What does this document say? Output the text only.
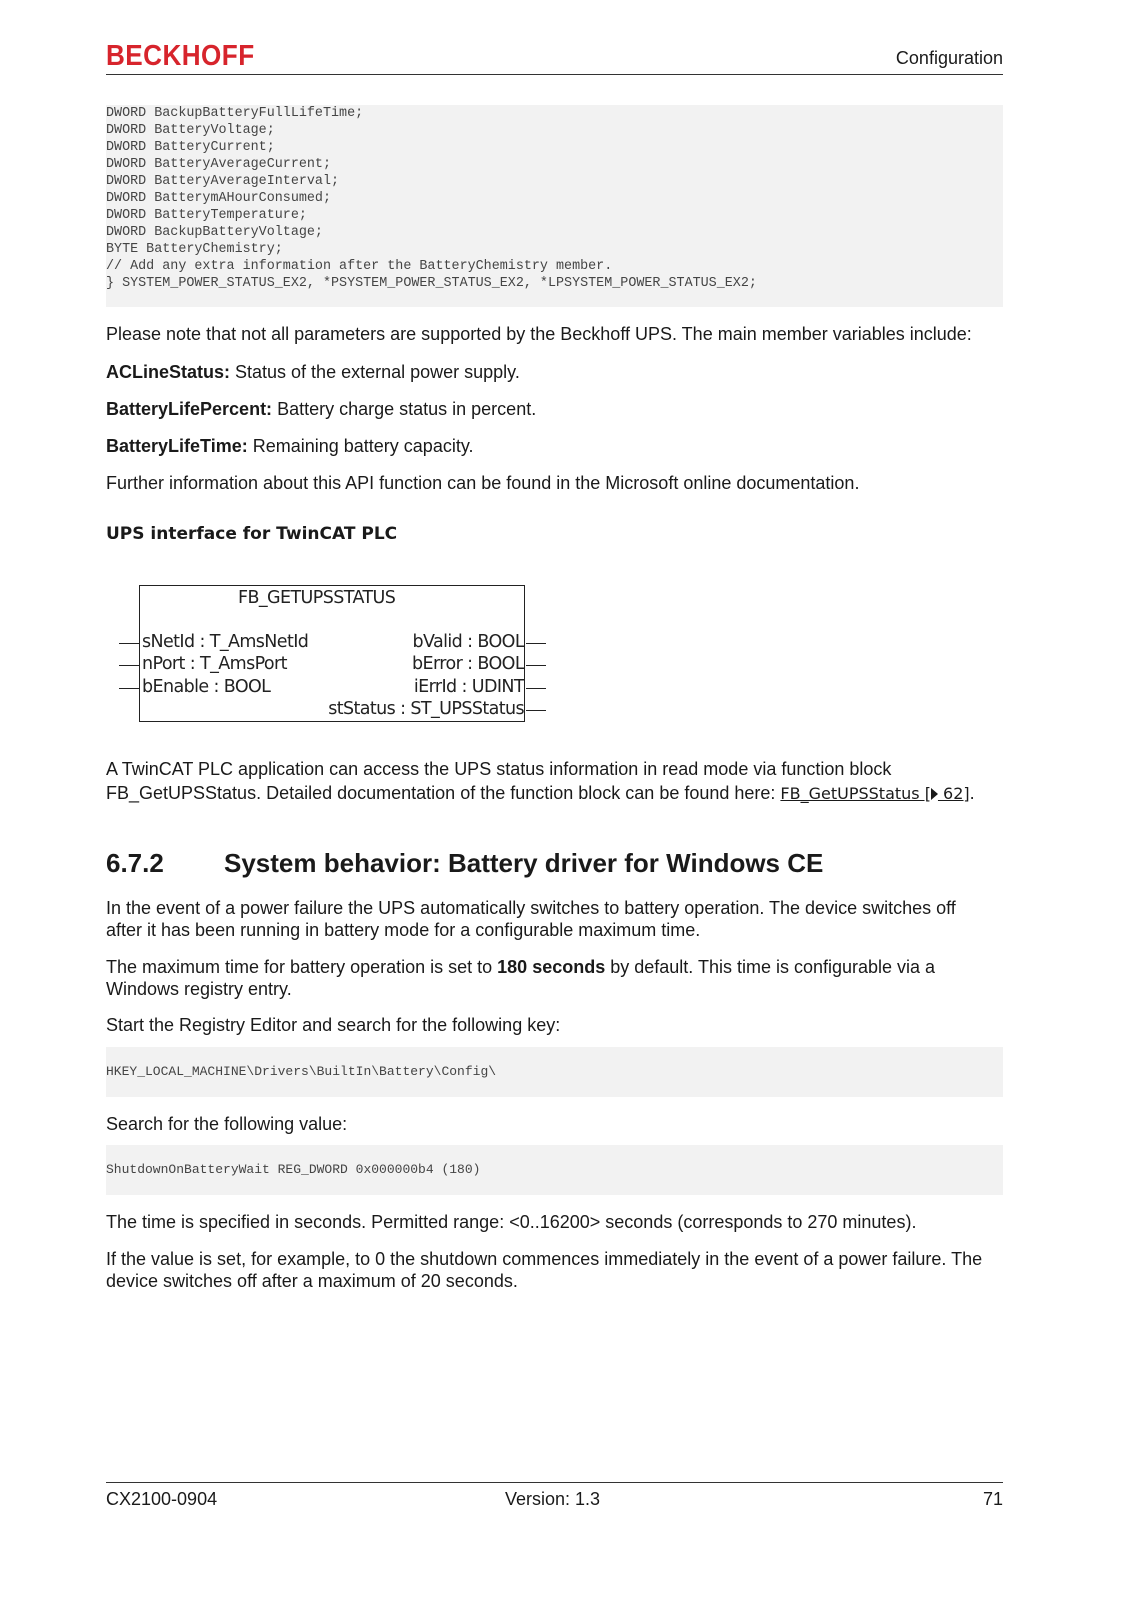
BECKHOFF	Configuration
DWORD BackupBatteryFullLifeTime;
DWORD BatteryVoltage;
DWORD BatteryCurrent;
DWORD BatteryAverageCurrent;
DWORD BatteryAverageInterval;
DWORD BatterymAHourConsumed;
DWORD BatteryTemperature;
DWORD BackupBatteryVoltage;
BYTE BatteryChemistry;
// Add any extra information after the BatteryChemistry member.
} SYSTEM_POWER_STATUS_EX2, *PSYSTEM_POWER_STATUS_EX2, *LPSYSTEM_POWER_STATUS_EX2;

Please note that not all parameters are supported by the Beckhoff UPS. The main member variables include:

ACLineStatus: Status of the external power supply.

BatteryLifePercent: Battery charge status in percent.

BatteryLifeTime: Remaining battery capacity.

Further information about this API function can be found in the Microsoft online documentation.

UPS interface for TwinCAT PLC
FB_GETUPSSTATUS
sNetId : T_AmsNetId
nPort : T_AmsPort
bEnable : BOOL
bValid : BOOL
bError : BOOL
iErrId : UDINT
stStatus : ST_UPSStatus

A TwinCAT PLC application can access the UPS status information in read mode via function block

FB_GetUPSStatus. Detailed documentation of the function block can be found here: FB_GetUPSStatus [ 62].

6.7.2 System behavior: Battery driver for Windows CE

In the event of a power failure the UPS automatically switches to battery operation. The device switches off after it has been running in battery mode for a configurable maximum time.

The maximum time for battery operation is set to 180 seconds by default. This time is configurable via a Windows registry entry.

Start the Registry Editor and search for the following key:

HKEY_LOCAL_MACHINE\Drivers\BuiltIn\Battery\Config\

Search for the following value:

ShutdownOnBatteryWait REG_DWORD 0x000000b4 (180)

The time is specified in seconds. Permitted range: <0..16200> seconds (corresponds to 270 minutes).

If the value is set, for example, to 0 the shutdown commences immediately in the event of a power failure. The device switches off after a maximum of 20 seconds.

CX2100-0904	Version: 1.3	71
